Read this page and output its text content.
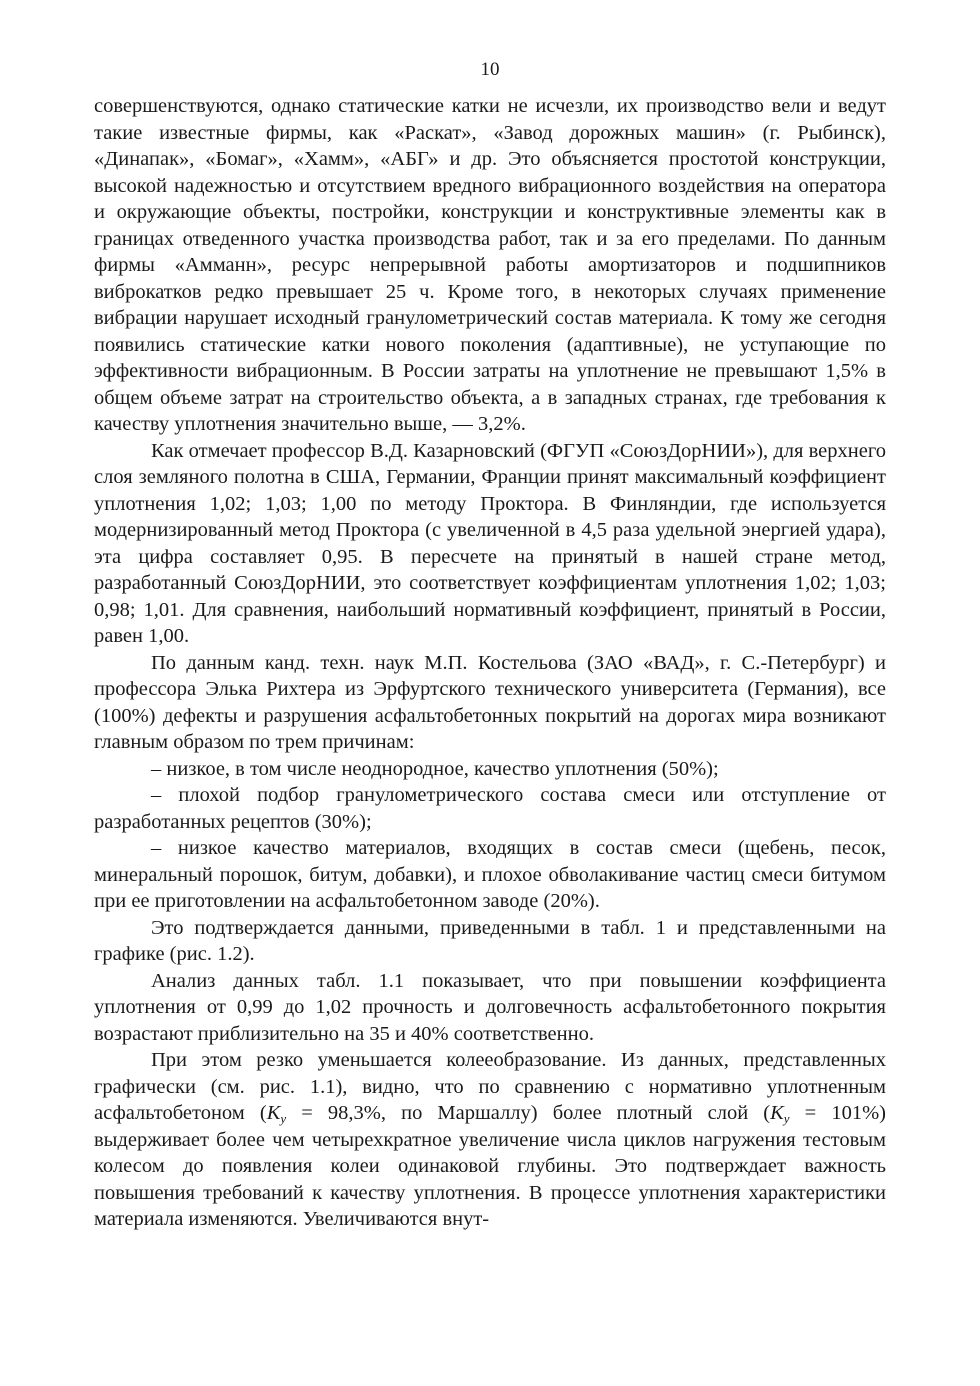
10

совершенствуются, однако статические катки не исчезли, их производство вели и ведут такие известные фирмы, как «Раскат», «Завод дорожных машин» (г. Рыбинск), «Динапак», «Бомаг», «Хамм», «АБГ» и др. Это объясняется простотой конструкции, высокой надежностью и отсутствием вредного вибрационного воздействия на оператора и окружающие объекты, постройки, конструкции и конструктивные элементы как в границах отведенного участка производства работ, так и за его пределами. По данным фирмы «Амманн», ресурс непрерывной работы амортизаторов и подшипников виброкатков редко превышает 25 ч. Кроме того, в некоторых случаях применение вибрации нарушает исходный гранулометрический состав материала. К тому же сегодня появились статические катки нового поколения (адаптивные), не уступающие по эффективности вибрационным. В России затраты на уплотнение не превышают 1,5% в общем объеме затрат на строительство объекта, а в западных странах, где требования к качеству уплотнения значительно выше, — 3,2%.

Как отмечает профессор В.Д. Казарновский (ФГУП «СоюзДорНИИ»), для верхнего слоя земляного полотна в США, Германии, Франции принят максимальный коэффициент уплотнения 1,02; 1,03; 1,00 по методу Проктора. В Финляндии, где используется модернизированный метод Проктора (с увеличенной в 4,5 раза удельной энергией удара), эта цифра составляет 0,95. В пересчете на принятый в нашей стране метод, разработанный СоюзДорНИИ, это соответствует коэффициентам уплотнения 1,02; 1,03; 0,98; 1,01. Для сравнения, наибольший нормативный коэффициент, принятый в России, равен 1,00.

По данным канд. техн. наук М.П. Костельова (ЗАО «ВАД», г. С.-Петербург) и профессора Элька Рихтера из Эрфуртского технического университета (Германия), все (100%) дефекты и разрушения асфальтобетонных покрытий на дорогах мира возникают главным образом по трем причинам:

– низкое, в том числе неоднородное, качество уплотнения (50%);

– плохой подбор гранулометрического состава смеси или отступление от разработанных рецептов (30%);

– низкое качество материалов, входящих в состав смеси (щебень, песок, минеральный порошок, битум, добавки), и плохое обволакивание частиц смеси битумом при ее приготовлении на асфальтобетонном заводе (20%).

Это подтверждается данными, приведенными в табл. 1 и представленными на графике (рис. 1.2).

Анализ данных табл. 1.1 показывает, что при повышении коэффициента уплотнения от 0,99 до 1,02 прочность и долговечность асфальтобетонного покрытия возрастают приблизительно на 35 и 40% соответственно.

При этом резко уменьшается колееобразование. Из данных, представленных графически (см. рис. 1.1), видно, что по сравнению с нормативно уплотненным асфальтобетоном ($K_y = 98,3\%$, по Маршаллу) более плотный слой $(K_y = 101\%)$ выдерживает более чем четырехкратное увеличение числа циклов нагружения тестовым колесом до появления колеи одинаковой глубины. Это подтверждает важность повышения требований к качеству уплотнения. В процессе уплотнения характеристики материала изменяются. Увеличиваются внут-
